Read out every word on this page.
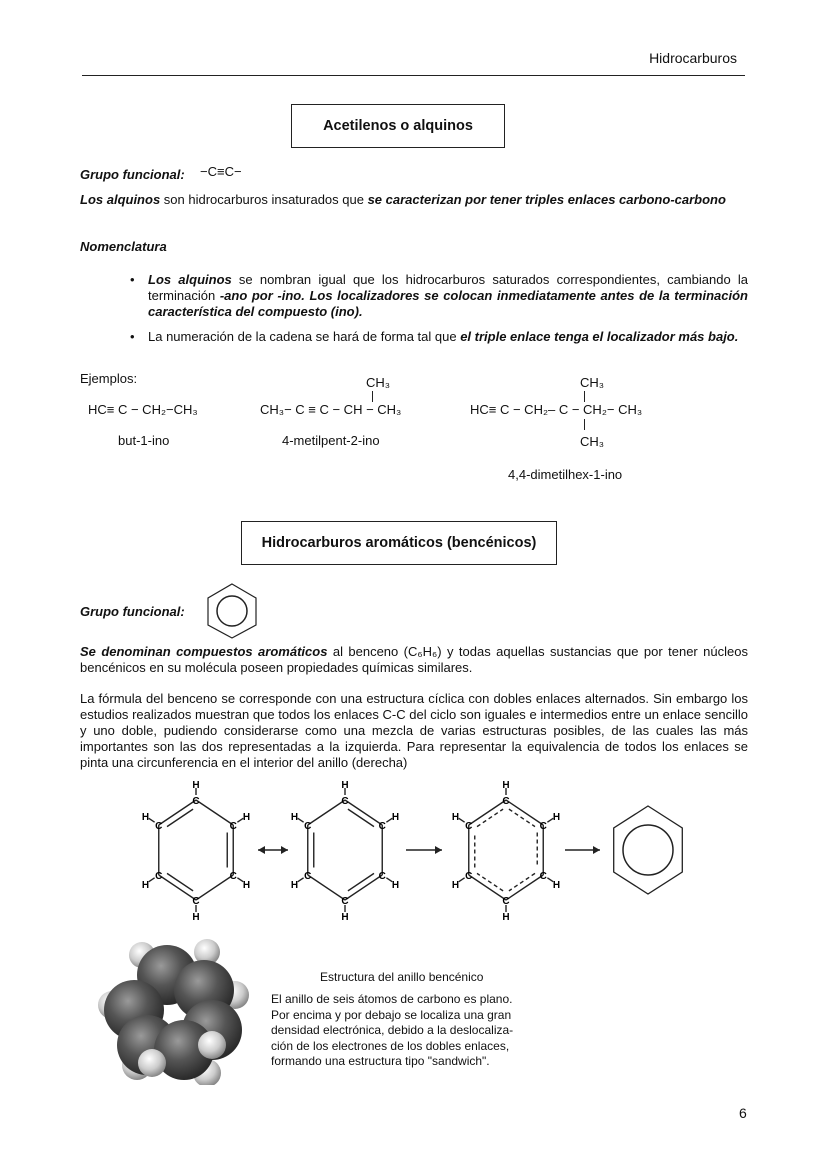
Hidrocarburos
Acetilenos o alquinos
Grupo funcional: −C≡C−
Los alquinos son hidrocarburos insaturados que se caracterizan por tener triples enlaces carbono-carbono
Nomenclatura
• Los alquinos se nombran igual que los hidrocarburos saturados correspondientes, cambiando la terminación -ano por -ino. Los localizadores se colocan inmediatamente antes de la terminación característica del compuesto (ino).
• La numeración de la cadena se hará de forma tal que el triple enlace tenga el localizador más bajo.
Ejemplos:
HC≡ C − CH₂−CH₃
but-1-ino
CH₃
CH₃− C ≡ C − CH − CH₃
4-metilpent-2-ino
CH₃
HC≡ C − CH₂– C − CH₂− CH₃
CH₃
4,4-dimetilhex-1-ino
Hidrocarburos aromáticos (bencénicos)
Grupo funcional:
Se denominan compuestos aromáticos al benceno (C₆H₆) y todas aquellas sustancias que por tener núcleos bencénicos en su molécula poseen propiedades químicas similares.
La fórmula del benceno se corresponde con una estructura cíclica con dobles enlaces alternados. Sin embargo los estudios realizados muestran que todos los enlaces C-C del ciclo son iguales e intermedios entre un enlace sencillo y uno doble, pudiendo considerarse como una mezcla de varias estructuras posibles, de las cuales las más importantes son las dos representadas a la izquierda. Para representar la equivalencia de todos los enlaces se pinta una circunferencia en el interior del anillo (derecha)
C
H
C
H
C
H
C
H
C
H
C
H
C
H
C
H
C
H
C
H
C
H
C
H
C
H
C
H
C
H
C
H
C
H
C
H
Estructura del anillo bencénico
El anillo de seis átomos de carbono es plano.
Por encima y por debajo se localiza una gran
densidad electrónica, debido a la deslocaliza-
ción de los electrones de los dobles enlaces,
formando una estructura tipo "sandwich".
6
